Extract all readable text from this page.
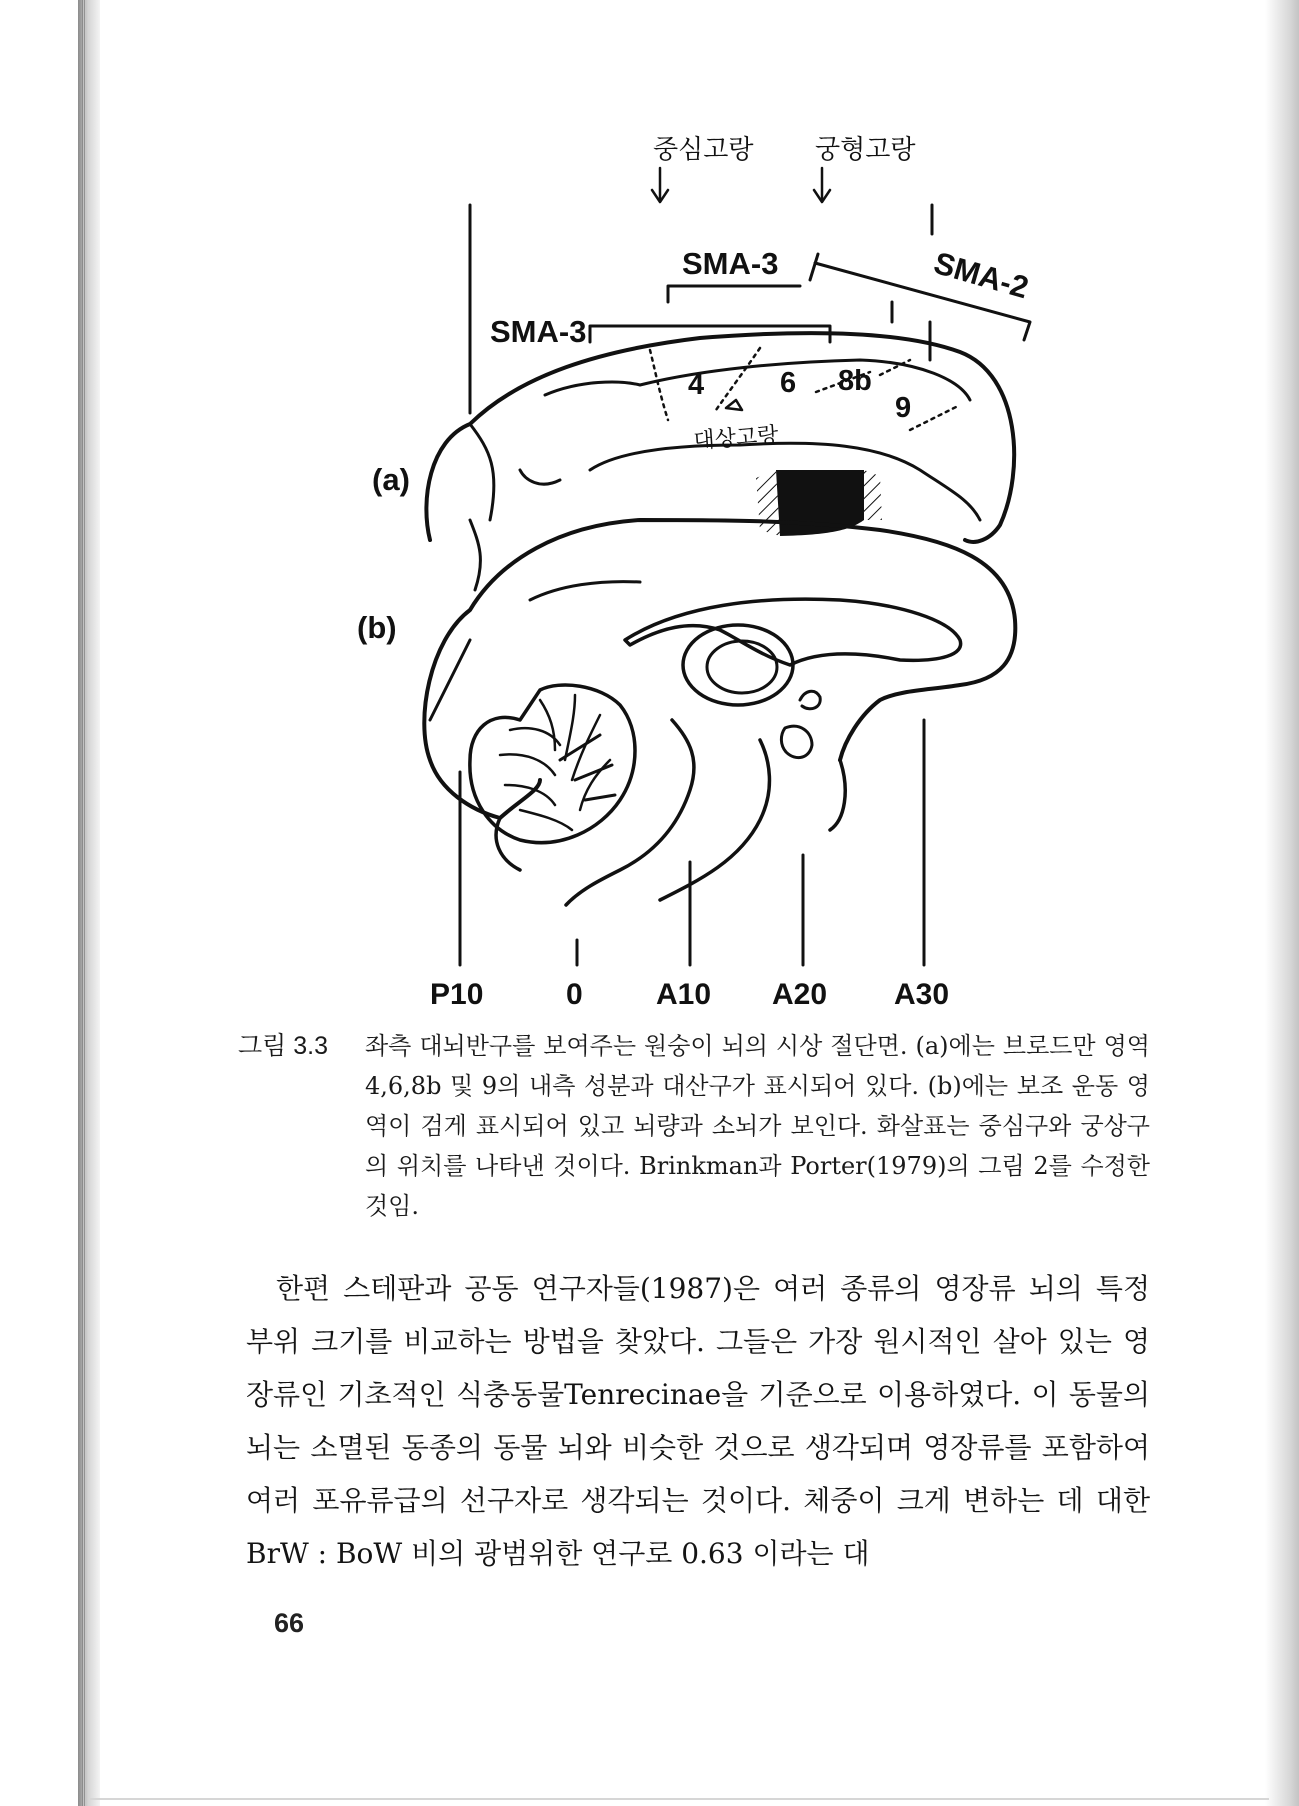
중심고랑 궁형고랑
SMA-3
SMA-3	SMA-2
4	6 8b
9
대상고랑
(a)
(b)
P10	0 A10 A20 A30
그림 3.3	좌측 대뇌반구를 보여주는 원숭이 뇌의 시상 절단면. (a)에는 브로드만 영역 4,6,8b 및 9의 내측 성분과 대산구가 표시되어 있다. (b)에는 보조 운동 영역이 검게 표시되어 있고 뇌량과 소뇌가 보인다. 화살표는 중심구와 궁상구의 위치를 나타낸 것이다. Brinkman과 Porter(1979)의 그림 2를 수정한 것임.
한편 스테판과 공동 연구자들(1987)은 여러 종류의 영장류 뇌의 특정 부위 크기를 비교하는 방법을 찾았다. 그들은 가장 원시적인 살아 있는 영장류인 기초적인 식충동물Tenrecinae을 기준으로 이용하였다. 이 동물의 뇌는 소멸된 동종의 동물 뇌와 비슷한 것으로 생각되며 영장류를 포함하여 여러 포유류급의 선구자로 생각되는 것이다. 체중이 크게 변하는 데 대한 BrW : BoW 비의 광범위한 연구로 0.63 이라는 대
66
